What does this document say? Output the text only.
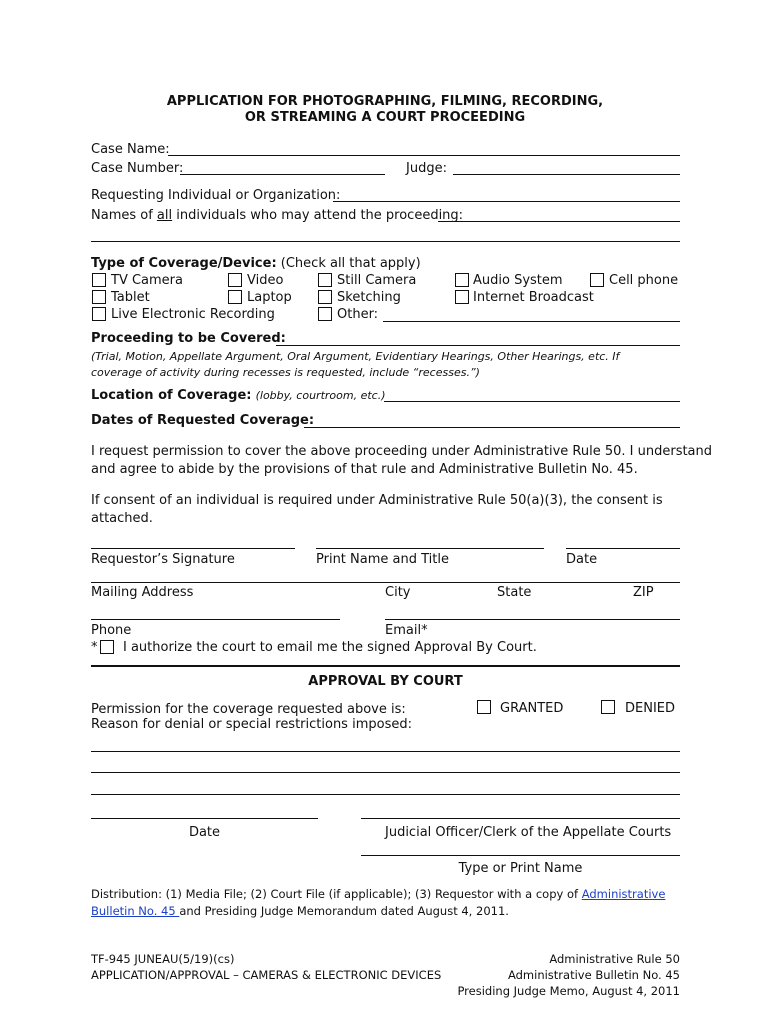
APPLICATION FOR PHOTOGRAPHING, FILMING, RECORDING,
OR STREAMING A COURT PROCEEDING
Case Name:
Case Number:	Judge:
Requesting Individual or Organization:
Names of all individuals who may attend the proceeding:
Type of Coverage/Device: (Check all that apply)
TV Camera	Video	Still Camera	Audio System	Cell phone
Tablet	Laptop	Sketching	Internet Broadcast
Live Electronic Recording	Other:
Proceeding to be Covered:
(Trial, Motion, Appellate Argument, Oral Argument, Evidentiary Hearings, Other Hearings, etc. If
coverage of activity during recesses is requested, include “recesses.”)
Location of Coverage: (lobby, courtroom, etc.)
Dates of Requested Coverage:
I request permission to cover the above proceeding under Administrative Rule 50. I understand
and agree to abide by the provisions of that rule and Administrative Bulletin No. 45.
If consent of an individual is required under Administrative Rule 50(a)(3), the consent is
attached.
Requestor’s Signature	Print Name and Title	Date
Mailing Address	City	State	ZIP
Phone	Email*
* I authorize the court to email me the signed Approval By Court.
APPROVAL BY COURT
Permission for the coverage requested above is:	GRANTED	DENIED
Reason for denial or special restrictions imposed:
Date	Judicial Officer/Clerk of the Appellate Courts
Type or Print Name
Distribution: (1) Media File; (2) Court File (if applicable); (3) Requestor with a copy of Administrative
Bulletin No. 45 and Presiding Judge Memorandum dated August 4, 2011.
TF-945 JUNEAU(5/19)(cs)
APPLICATION/APPROVAL – CAMERAS & ELECTRONIC DEVICES
Administrative Rule 50
Administrative Bulletin No. 45
Presiding Judge Memo, August 4, 2011
